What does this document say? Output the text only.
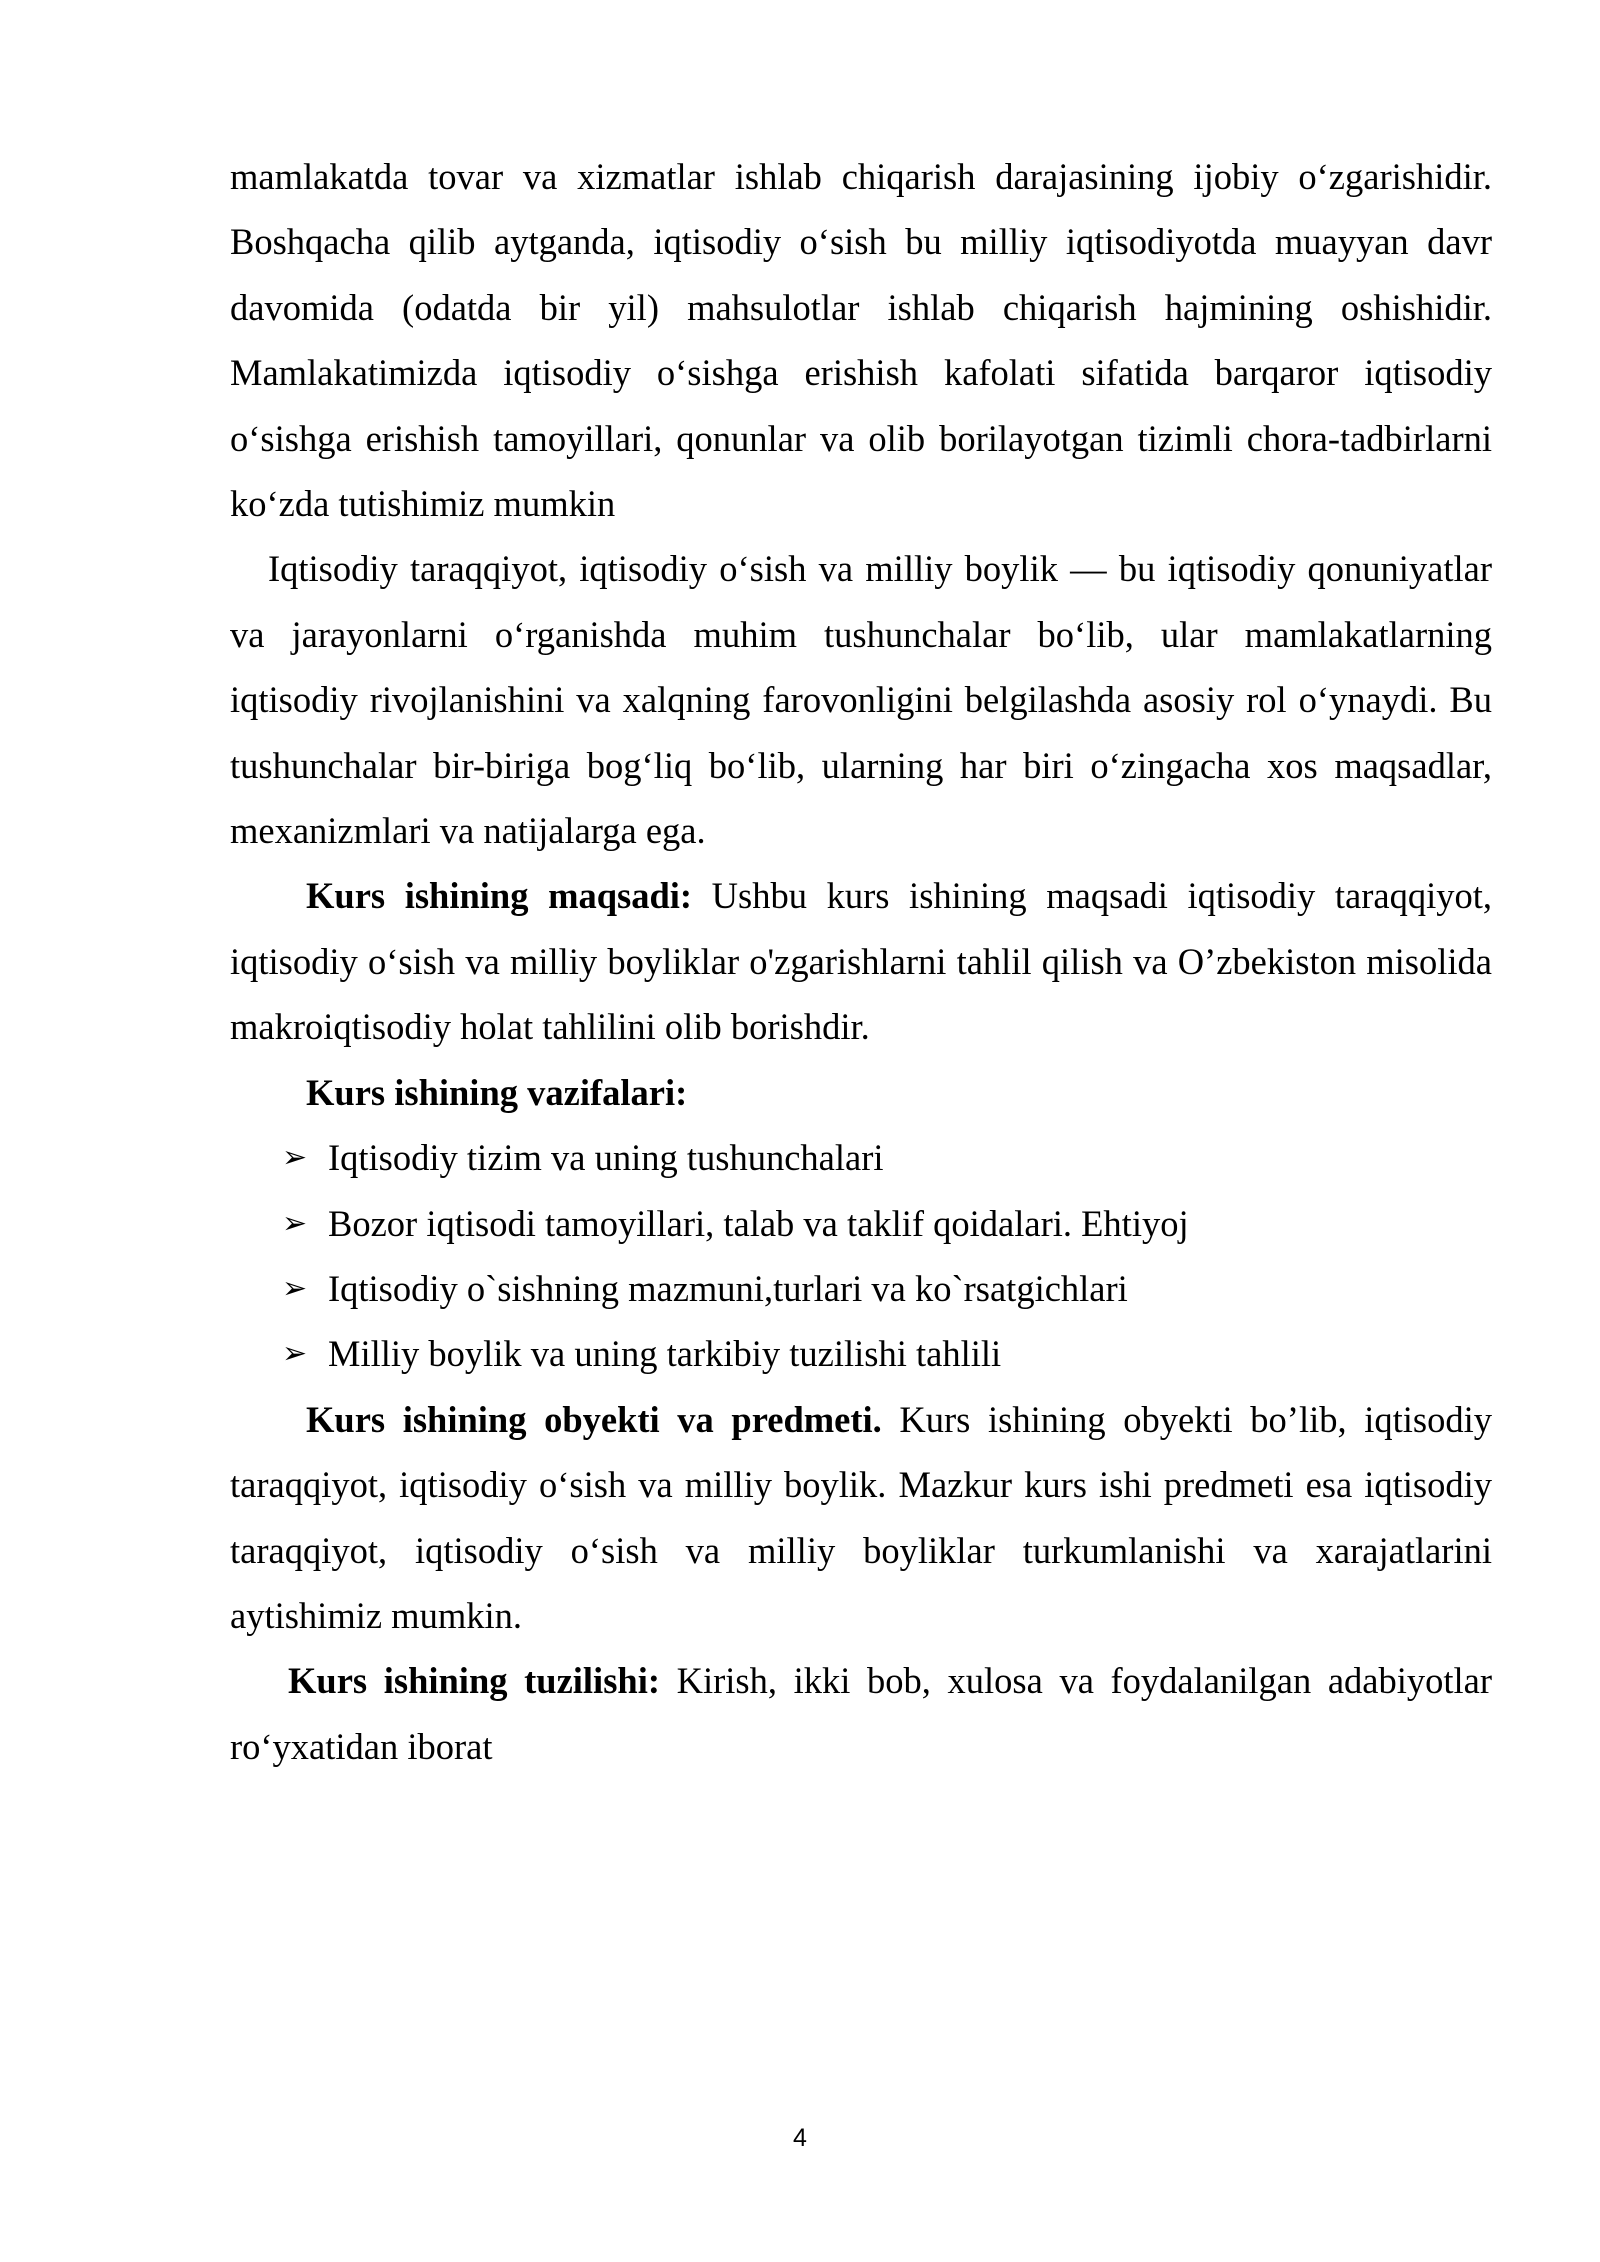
mamlakatda tovar va xizmatlar ishlab chiqarish darajasining ijobiy o‘zgarishidir. Boshqacha qilib aytganda, iqtisodiy o‘sish bu milliy iqtisodiyotda muayyan davr davomida (odatda bir yil) mahsulotlar ishlab chiqarish hajmining oshishidir. Mamlakatimizda iqtisodiy o‘sishga erishish kafolati sifatida barqaror iqtisodiy o‘sishga erishish tamoyillari, qonunlar va olib borilayotgan tizimli chora-tadbirlarni ko‘zda tutishimiz mumkin

Iqtisodiy taraqqiyot, iqtisodiy o‘sish va milliy boylik — bu iqtisodiy qonuniyatlar va jarayonlarni o‘rganishda muhim tushunchalar bo‘lib, ular mamlakatlarning iqtisodiy rivojlanishini va xalqning farovonligini belgilashda asosiy rol o‘ynaydi. Bu tushunchalar bir-biriga bog‘liq bo‘lib, ularning har biri o‘zingacha xos maqsadlar, mexanizmlari va natijalarga ega.

Kurs ishining maqsadi: Ushbu kurs ishining maqsadi iqtisodiy taraqqiyot, iqtisodiy o‘sish va milliy boyliklar o'zgarishlarni tahlil qilish va O’zbekiston misolida makroiqtisodiy holat tahlilini olib borishdir.

Kurs ishining vazifalari:

➢ Iqtisodiy tizim va uning tushunchalari
➢ Bozor iqtisodi tamoyillari, talab va taklif qoidalari. Ehtiyoj
➢ Iqtisodiy o`sishning mazmuni,turlari va ko`rsatgichlari
➢ Milliy boylik va uning tarkibiy tuzilishi tahlili

Kurs ishining obyekti va predmeti. Kurs ishining obyekti bo’lib, iqtisodiy taraqqiyot, iqtisodiy o‘sish va milliy boylik. Mazkur kurs ishi predmeti esa iqtisodiy taraqqiyot, iqtisodiy o‘sish va milliy boyliklar turkumlanishi va xarajatlarini aytishimiz mumkin.

Kurs ishining tuzilishi: Kirish, ikki bob, xulosa va foydalanilgan adabiyotlar ro‘yxatidan iborat

4
